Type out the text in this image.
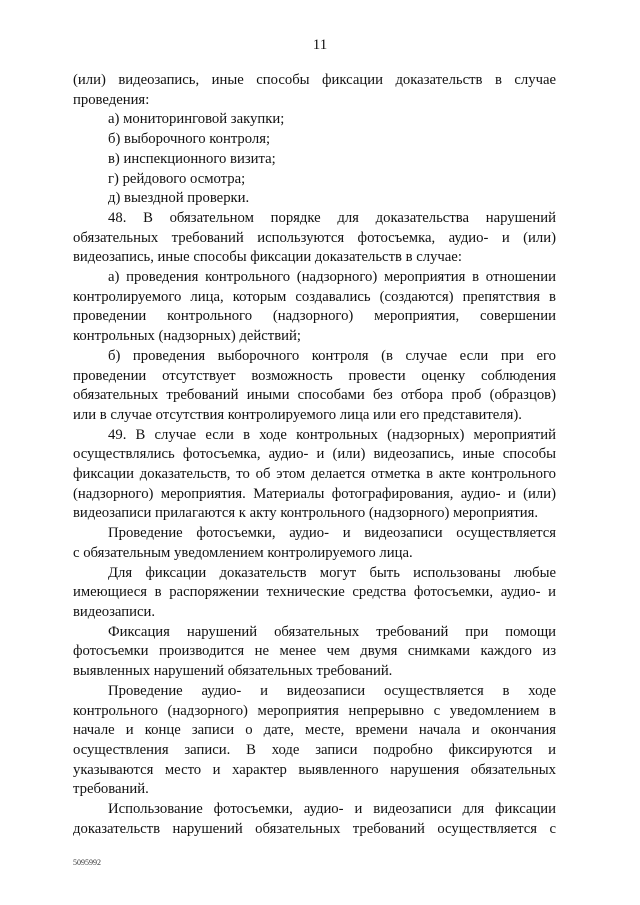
11

(или) видеозапись, иные способы фиксации доказательств в случае

проведения:

а) мониторинговой закупки;

б) выборочного контроля;

в) инспекционного визита;

г) рейдового осмотра;

д) выездной проверки.

48. В обязательном порядке для доказательства нарушений

обязательных требований используются фотосъемка, аудио- и (или)

видеозапись, иные способы фиксации доказательств в случае:

а) проведения контрольного (надзорного) мероприятия в отношении

контролируемого лица, которым создавались (создаются) препятствия в

проведении контрольного (надзорного) мероприятия, совершении

контрольных (надзорных) действий;

б) проведения выборочного контроля (в случае если при его

проведении отсутствует возможность провести оценку соблюдения

обязательных требований иными способами без отбора проб (образцов)

или в случае отсутствия контролируемого лица или его представителя).

49. В случае если в ходе контрольных (надзорных) мероприятий

осуществлялись фотосъемка, аудио- и (или) видеозапись, иные способы

фиксации доказательств, то об этом делается отметка в акте контрольного

(надзорного) мероприятия. Материалы фотографирования, аудио- и (или)

видеозаписи прилагаются к акту контрольного (надзорного) мероприятия.

Проведение фотосъемки, аудио- и видеозаписи осуществляется

с обязательным уведомлением контролируемого лица.

Для фиксации доказательств могут быть использованы любые

имеющиеся в распоряжении технические средства фотосъемки, аудио- и

видеозаписи.

Фиксация нарушений обязательных требований при помощи

фотосъемки производится не менее чем двумя снимками каждого из

выявленных нарушений обязательных требований.

Проведение аудио- и видеозаписи осуществляется в ходе

контрольного (надзорного) мероприятия непрерывно с уведомлением в

начале и конце записи о дате, месте, времени начала и окончания

осуществления записи. В ходе записи подробно фиксируются и

указываются место и характер выявленного нарушения обязательных

требований.

Использование фотосъемки, аудио- и видеозаписи для фиксации

доказательств нарушений обязательных требований осуществляется с

5095992
